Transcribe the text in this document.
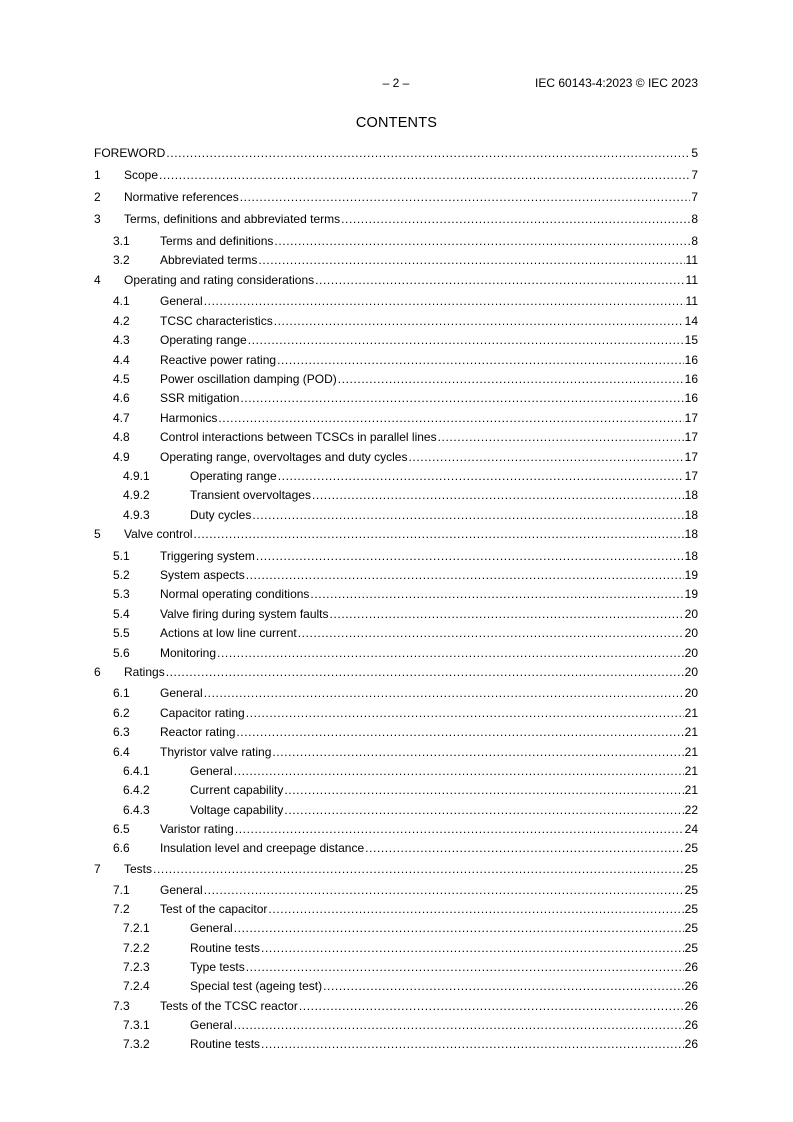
– 2 –	IEC 60143-4:2023 © IEC 2023
CONTENTS
FOREWORD .....	5
1 Scope .....	7
2 Normative references .....	7
3 Terms, definitions and abbreviated terms .....	8
3.1	Terms and definitions .....	8
3.2	Abbreviated terms .....	11
4 Operating and rating considerations .....	11
4.1	General .....	11
4.2	TCSC characteristics .....	14
4.3	Operating range .....	15
4.4	Reactive power rating .....	16
4.5	Power oscillation damping (POD) .....	16
4.6	SSR mitigation .....	16
4.7	Harmonics .....	17
4.8	Control interactions between TCSCs in parallel lines .....	17
4.9	Operating range, overvoltages and duty cycles .....	17
4.9.1	Operating range .....	17
4.9.2	Transient overvoltages .....	18
4.9.3	Duty cycles .....	18
5 Valve control .....	18
5.1	Triggering system .....	18
5.2	System aspects .....	19
5.3	Normal operating conditions .....	19
5.4	Valve firing during system faults .....	20
5.5	Actions at low line current .....	20
5.6	Monitoring .....	20
6 Ratings .....	20
6.1	General .....	20
6.2	Capacitor rating .....	21
6.3	Reactor rating .....	21
6.4	Thyristor valve rating .....	21
6.4.1	General .....	21
6.4.2	Current capability .....	21
6.4.3	Voltage capability .....	22
6.5	Varistor rating .....	24
6.6	Insulation level and creepage distance .....	25
7 Tests .....	25
7.1	General .....	25
7.2	Test of the capacitor .....	25
7.2.1	General .....	25
7.2.2	Routine tests .....	25
7.2.3	Type tests .....	26
7.2.4	Special test (ageing test) .....	26
7.3	Tests of the TCSC reactor .....	26
7.3.1	General .....	26
7.3.2	Routine tests .....	26
